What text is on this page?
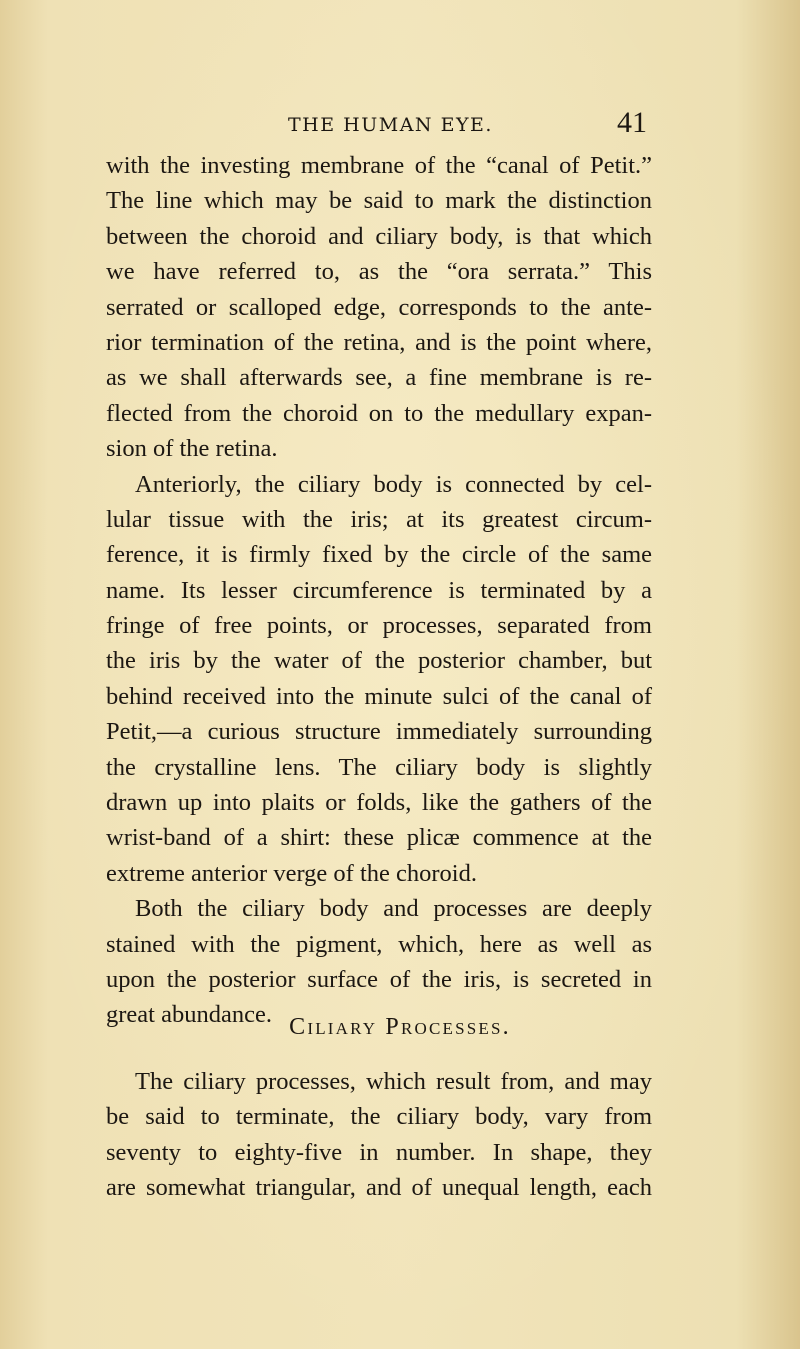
THE HUMAN EYE.	41
with the investing membrane of the “canal of Petit.”
The line which may be said to mark the distinction
between the choroid and ciliary body, is that which
we have referred to, as the “ora serrata.” This
serrated or scalloped edge, corresponds to the ante-
rior termination of the retina, and is the point where,
as we shall afterwards see, a fine membrane is re-
flected from the choroid on to the medullary expan-
sion of the retina.
Anteriorly, the ciliary body is connected by cel-
lular tissue with the iris; at its greatest circum-
ference, it is firmly fixed by the circle of the same
name. Its lesser circumference is terminated by a
fringe of free points, or processes, separated from
the iris by the water of the posterior chamber, but
behind received into the minute sulci of the canal of
Petit,—a curious structure immediately surrounding
the crystalline lens. The ciliary body is slightly
drawn up into plaits or folds, like the gathers of the
wrist-band of a shirt: these plicæ commence at the
extreme anterior verge of the choroid.
Both the ciliary body and processes are deeply
stained with the pigment, which, here as well as
upon the posterior surface of the iris, is secreted in
great abundance. Ciliary Processes.
The ciliary processes, which result from, and may
be said to terminate, the ciliary body, vary from
seventy to eighty-five in number. In shape, they
are somewhat triangular, and of unequal length, each
